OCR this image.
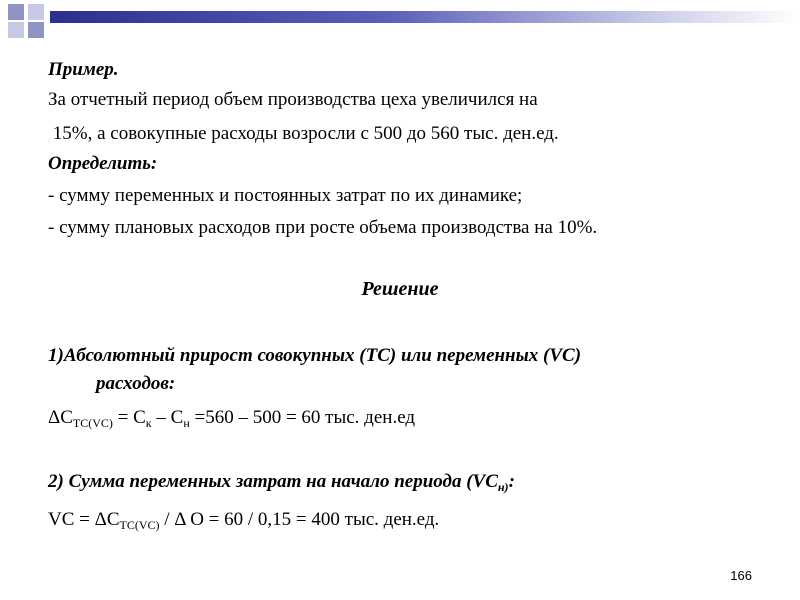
Пример.
За отчетный период объем производства цеха увеличился на
15%, а совокупные расходы возросли с 500 до 560 тыс. ден.ед.
Определить:
- сумму переменных и постоянных затрат по их динамике;
- сумму плановых расходов при росте объема производства на 10%.
Решение
1)Абсолютный прирост совокупных (ТС) или переменных (VC)
расходов:
$\Delta C_{TC(VC)} = C_к - C_н =560 - 500 = 60$ тыс. ден.ед
2) Сумма переменных затрат на начало периода ($VC_{н)}$:
VC = $\Delta C_{TC(VC)}$ / Δ O = 60 / 0,15 = 400 тыс. ден.ед.
166
